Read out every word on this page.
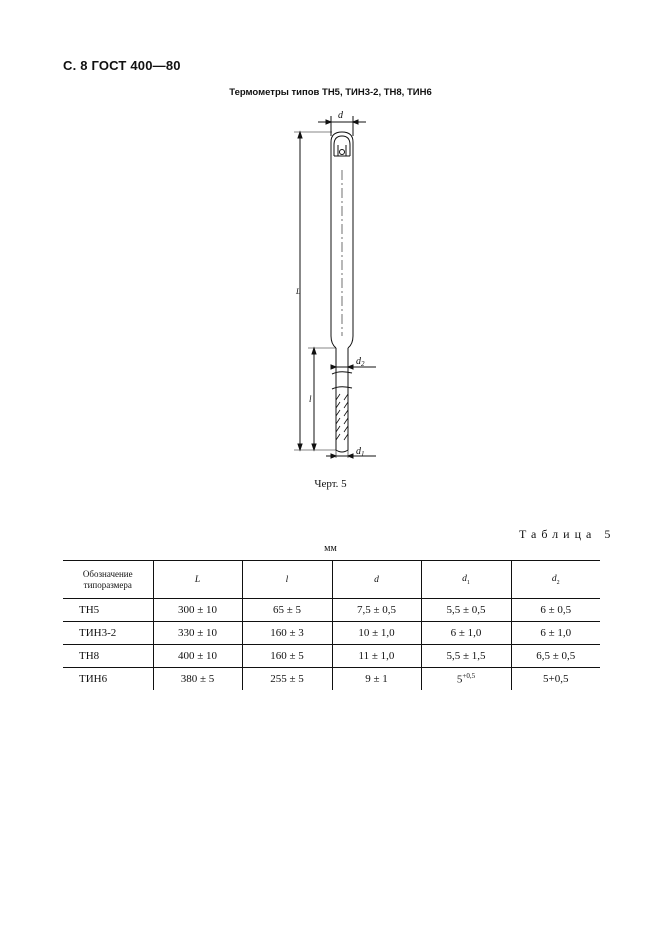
С. 8 ГОСТ 400—80
Термометры типов ТН5, ТИН3-2, ТН8, ТИН6
d
L
l
$d_2$
$d_1$
Черт. 5
Таблица 5
мм
Обозначение
типоразмера	L	l	d	$d_1$	$d_2$
ТН5	300 ± 10	65 ± 5	7,5 ± 0,5	5,5 ± 0,5	6 ± 0,5
ТИН3-2	330 ± 10	160 ± 3	10 ± 1,0	6 ± 1,0	6 ± 1,0
ТН8	400 ± 10	160 ± 5	11 ± 1,0	5,5 ± 1,5	6,5 ± 0,5
ТИН6	380 ± 5	255 ± 5	9 ± 1	$5^{+0,5}$	5+0,5
